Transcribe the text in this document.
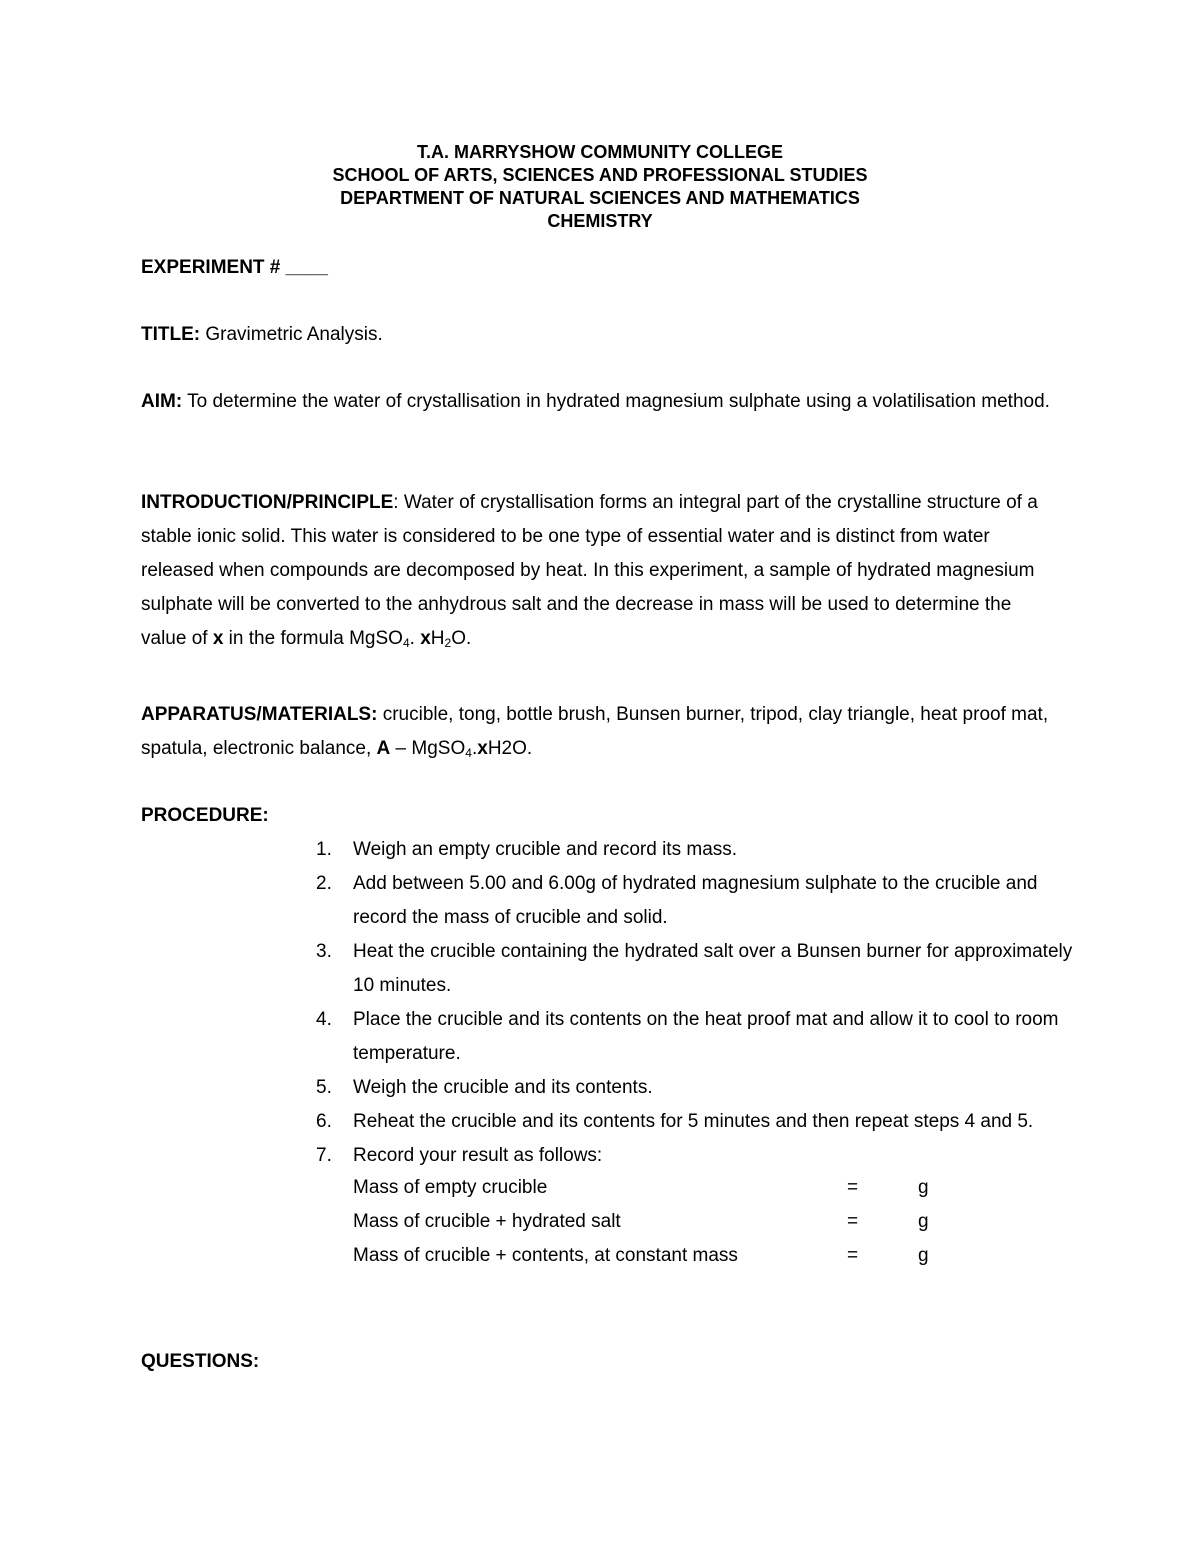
T.A. MARRYSHOW COMMUNITY COLLEGE
SCHOOL OF ARTS, SCIENCES AND PROFESSIONAL STUDIES
DEPARTMENT OF NATURAL SCIENCES AND MATHEMATICS
CHEMISTRY
EXPERIMENT # ____
TITLE: Gravimetric Analysis.
AIM: To determine the water of crystallisation in hydrated magnesium sulphate using a volatilisation method.
INTRODUCTION/PRINCIPLE: Water of crystallisation forms an integral part of the crystalline structure of a stable ionic solid. This water is considered to be one type of essential water and is distinct from water released when compounds are decomposed by heat. In this experiment, a sample of hydrated magnesium sulphate will be converted to the anhydrous salt and the decrease in mass will be used to determine the value of x in the formula MgSO$_4$. $xH_2O$.
APPARATUS/MATERIALS: crucible, tong, bottle brush, Bunsen burner, tripod, clay triangle, heat proof mat, spatula, electronic balance, A – MgSO$_4$.xH2O.
PROCEDURE:
1. Weigh an empty crucible and record its mass.
2. Add between 5.00 and 6.00g of hydrated magnesium sulphate to the crucible and record the mass of crucible and solid.
3. Heat the crucible containing the hydrated salt over a Bunsen burner for approximately 10 minutes.
4. Place the crucible and its contents on the heat proof mat and allow it to cool to room temperature.
5. Weigh the crucible and its contents.
6. Reheat the crucible and its contents for 5 minutes and then repeat steps 4 and 5.
7. Record your result as follows:
Mass of empty crucible	=	g
Mass of crucible + hydrated salt	=	g
Mass of crucible + contents, at constant mass	=	g
QUESTIONS:
